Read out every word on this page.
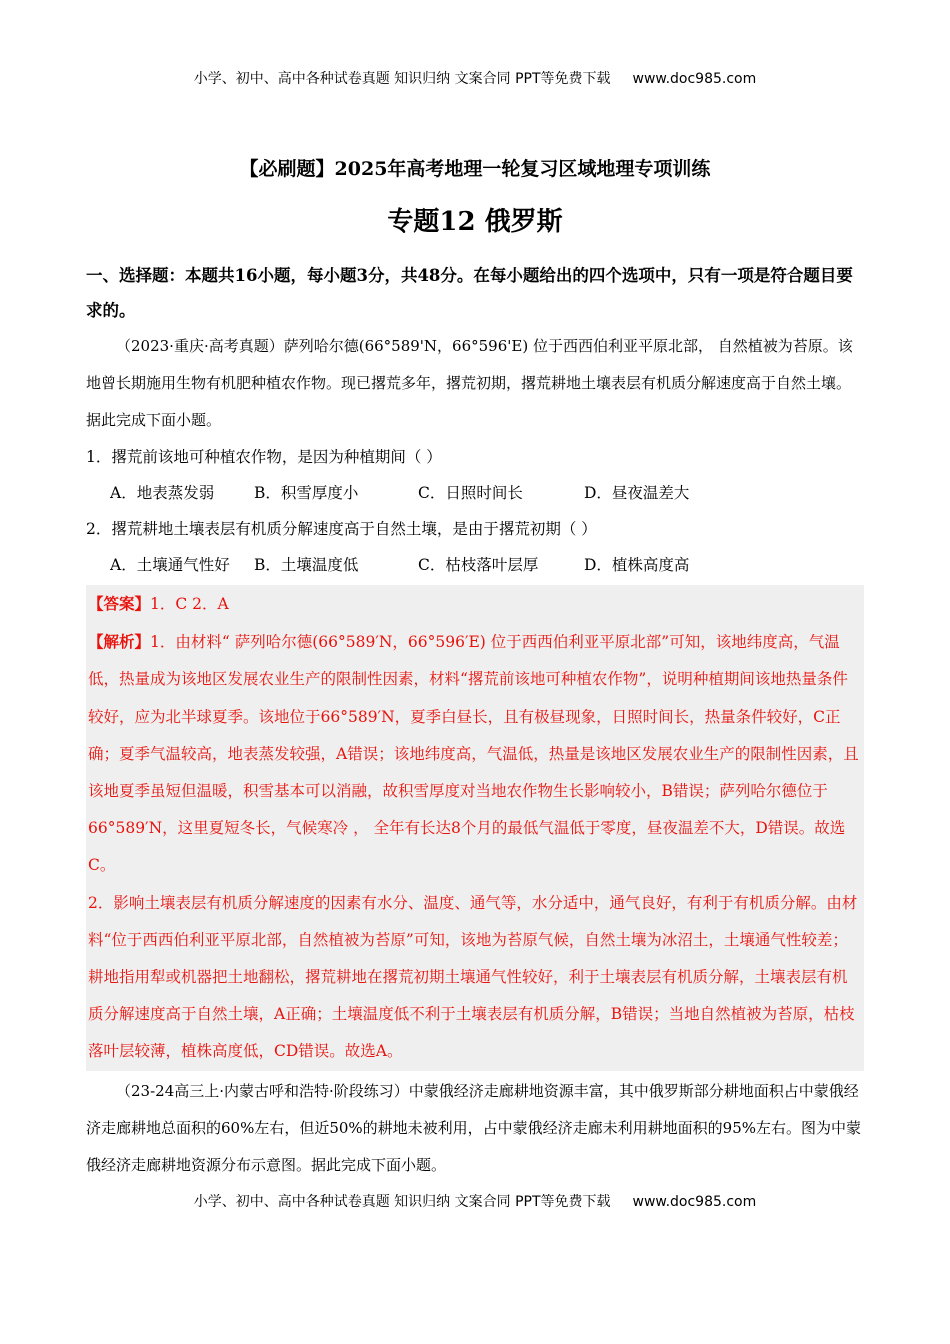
小学、初中、高中各种试卷真题 知识归纳 文案合同 PPT等免费下载 www.doc985.com
【必刷题】2025年高考地理一轮复习区域地理专项训练
专题12 俄罗斯

一、选择题：本题共16小题，每小题3分，共48分。在每小题给出的四个选项中，只有一项是符合题目要求的。

（2023·重庆·高考真题）萨列哈尔德(66°589'N，66°596'E) 位于西西伯利亚平原北部， 自然植被为苔原。该地曾长期施用生物有机肥种植农作物。现已撂荒多年，撂荒初期，撂荒耕地土壤表层有机质分解速度高于自然土壤。据此完成下面小题。

1．撂荒前该地可种植农作物，是因为种植期间（ ）

A．地表蒸发弱	B．积雪厚度小	C．日照时间长	D．昼夜温差大

2．撂荒耕地土壤表层有机质分解速度高于自然土壤，是由于撂荒初期（ ）

A．土壤通气性好	B．土壤温度低	C．枯枝落叶层厚	D．植株高度高

【答案】1．C 2．A

【解析】1．由材料“ 萨列哈尔德(66°589′N，66°596′E) 位于西西伯利亚平原北部”可知，该地纬度高，气温低，热量成为该地区发展农业生产的限制性因素，材料“撂荒前该地可种植农作物”，说明种植期间该地热量条件较好，应为北半球夏季。该地位于66°589′N，夏季白昼长，且有极昼现象，日照时间长，热量条件较好，C正确；夏季气温较高，地表蒸发较强，A错误；该地纬度高，气温低，热量是该地区发展农业生产的限制性因素，且该地夏季虽短但温暖，积雪基本可以消融，故积雪厚度对当地农作物生长影响较小，B错误；萨列哈尔德位于66°589′N，这里夏短冬长，气候寒冷 ， 全年有长达8个月的最低气温低于零度，昼夜温差不大，D错误。故选C。

2．影响土壤表层有机质分解速度的因素有水分、温度、通气等，水分适中，通气良好，有利于有机质分解。由材料“位于西西伯利亚平原北部，自然植被为苔原”可知，该地为苔原气候，自然土壤为冰沼土，土壤通气性较差；耕地指用犁或机器把土地翻松，撂荒耕地在撂荒初期土壤通气性较好，利于土壤表层有机质分解，土壤表层有机质分解速度高于自然土壤，A正确；土壤温度低不利于土壤表层有机质分解，B错误；当地自然植被为苔原，枯枝落叶层较薄，植株高度低，CD错误。故选A。

（23-24高三上·内蒙古呼和浩特·阶段练习）中蒙俄经济走廊耕地资源丰富，其中俄罗斯部分耕地面积占中蒙俄经济走廊耕地总面积的60%左右，但近50%的耕地未被利用，占中蒙俄经济走廊未利用耕地面积的95%左右。图为中蒙俄经济走廊耕地资源分布示意图。据此完成下面小题。

小学、初中、高中各种试卷真题 知识归纳 文案合同 PPT等免费下载 www.doc985.com
